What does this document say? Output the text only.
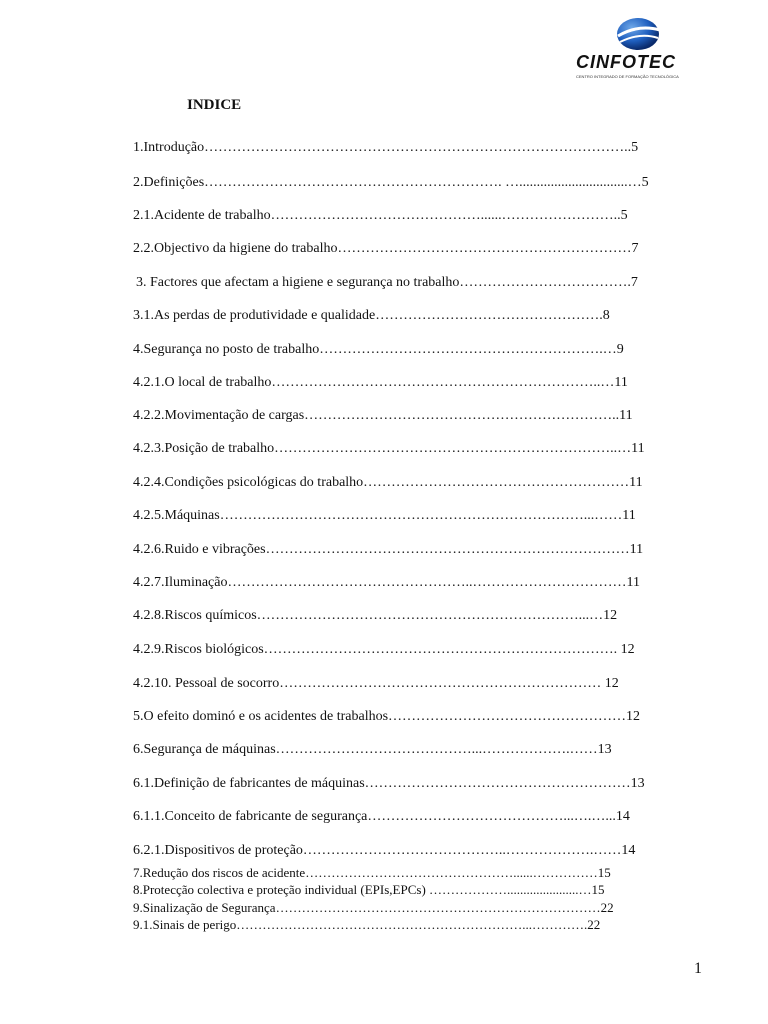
CINFOTEC
CENTRO INTEGRADO DE FORMAÇÃO TECNOLÓGICA
INDICE
1.Introdução………………………………………………………………………………..5
2.Definições………………………………………………………. …...............................…5
2.1.Acidente de trabalho………………………………………......……………………..5
2.2.Objectivo da higiene do trabalho………………………………………………………7
3. Factores que afectam a higiene e segurança no trabalho……………………………….7
3.1.As perdas de produtividade e qualidade………………………………………….8
4.Segurança no posto de trabalho…………………………………………………….…9
4.2.1.O local de trabalho……………………………………………………………..…11
4.2.2.Movimentação de cargas…………………………………………………………..11
4.2.3.Posição de trabalho………………………………………………………………..…11
4.2.4.Condições psicológicas do trabalho…………………………………………………11
4.2.5.Máquinas……………………………………………………………………...……11
4.2.6.Ruido e vibrações……………………………………………………………………11
4.2.7.Iluminação……………………………………………..……………………………11
4.2.8.Riscos químicos……………………………………………………………...…12
4.2.9.Riscos biológicos…………………………………………………………………. 12
4.2.10. Pessoal de socorro…………………………………………………………… 12
5.O efeito dominó e os acidentes de trabalhos……………………………………………12
6.Segurança de máquinas……………………………………...……………….……13
6.1.Definição de fabricantes de máquinas…………………………………………………13
6.1.1.Conceito de fabricante de segurança……………………………………...….…...14
6.2.1.Dispositivos de proteção……………………………………..……………….……14
7.Redução dos riscos de acidente…………………………………………......……………15
8.Protecção colectiva e proteção individual (EPIs,EPCs) ………………......................…15
9.Sinalização de Segurança…………………………………………………………………22
9.1.Sinais de perigo…………………………………………………………...………….22
1
